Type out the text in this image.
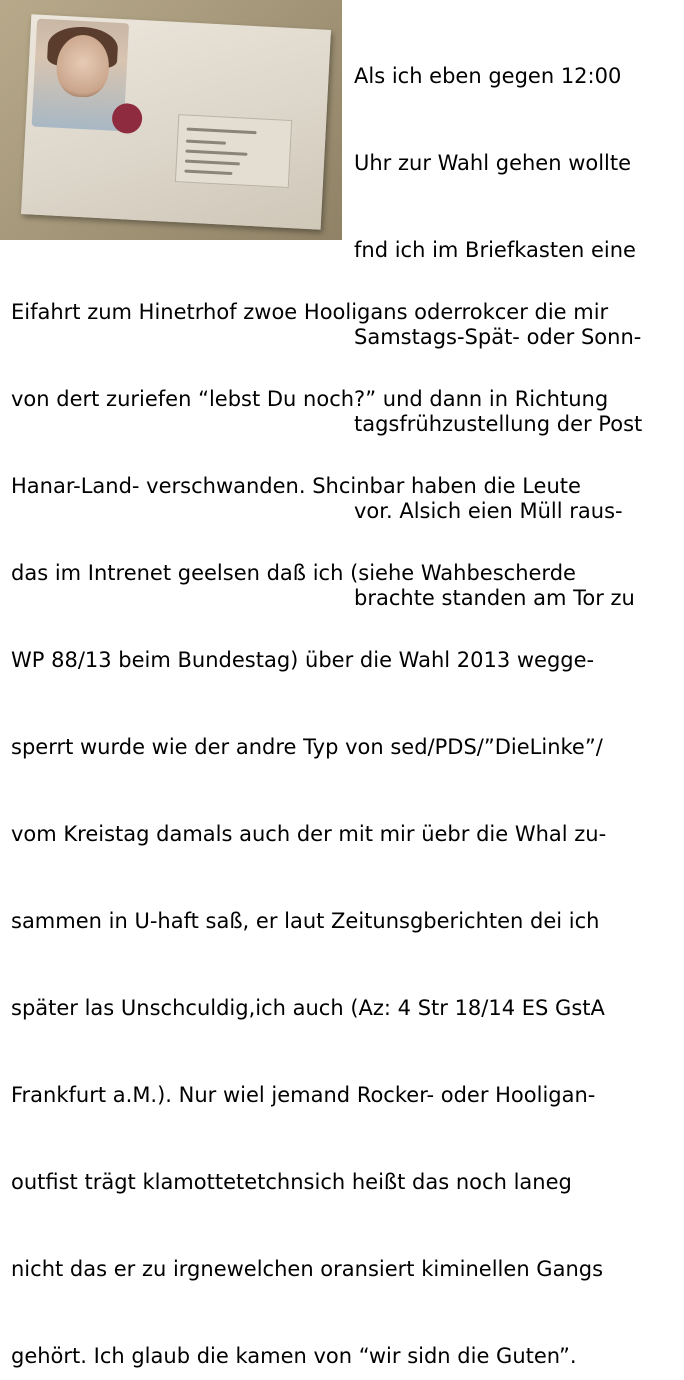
Als ich eben gegen 12:00

Uhr zur Wahl gehen wollte

fnd ich im Briefkasten eine

Samstags-Spät- oder Sonn-

tagsfrühzustellung der Post

vor. Alsich eien Müll raus-

brachte standen am Tor zu

Eifahrt zum Hinetrhof zwoe Hooligans oderrokcer die mir

von dert zuriefen “lebst Du noch?” und dann in Richtung

Hanar-Land- verschwanden. Shcinbar haben die Leute

das im Intrenet geelsen daß ich (siehe Wahbescherde

WP 88/13 beim Bundestag) über die Wahl 2013 wegge-

sperrt wurde wie der andre Typ von sed/PDS/”DieLinke”/

vom Kreistag damals auch der mit mir üebr die Whal zu-

sammen in U-haft saß, er laut Zeitunsgberichten dei ich

später las Unschculdig,ich auch (Az: 4 Str 18/14 ES GstA

Frankfurt a.M.). Nur wiel jemand Rocker- oder Hooligan-

outfist trägt klamottetetchnsich heißt das noch laneg

nicht das er zu irgnewelchen oransiert kiminellen Gangs

gehört. Ich glaub die kamen von “wir sidn die Guten”.
